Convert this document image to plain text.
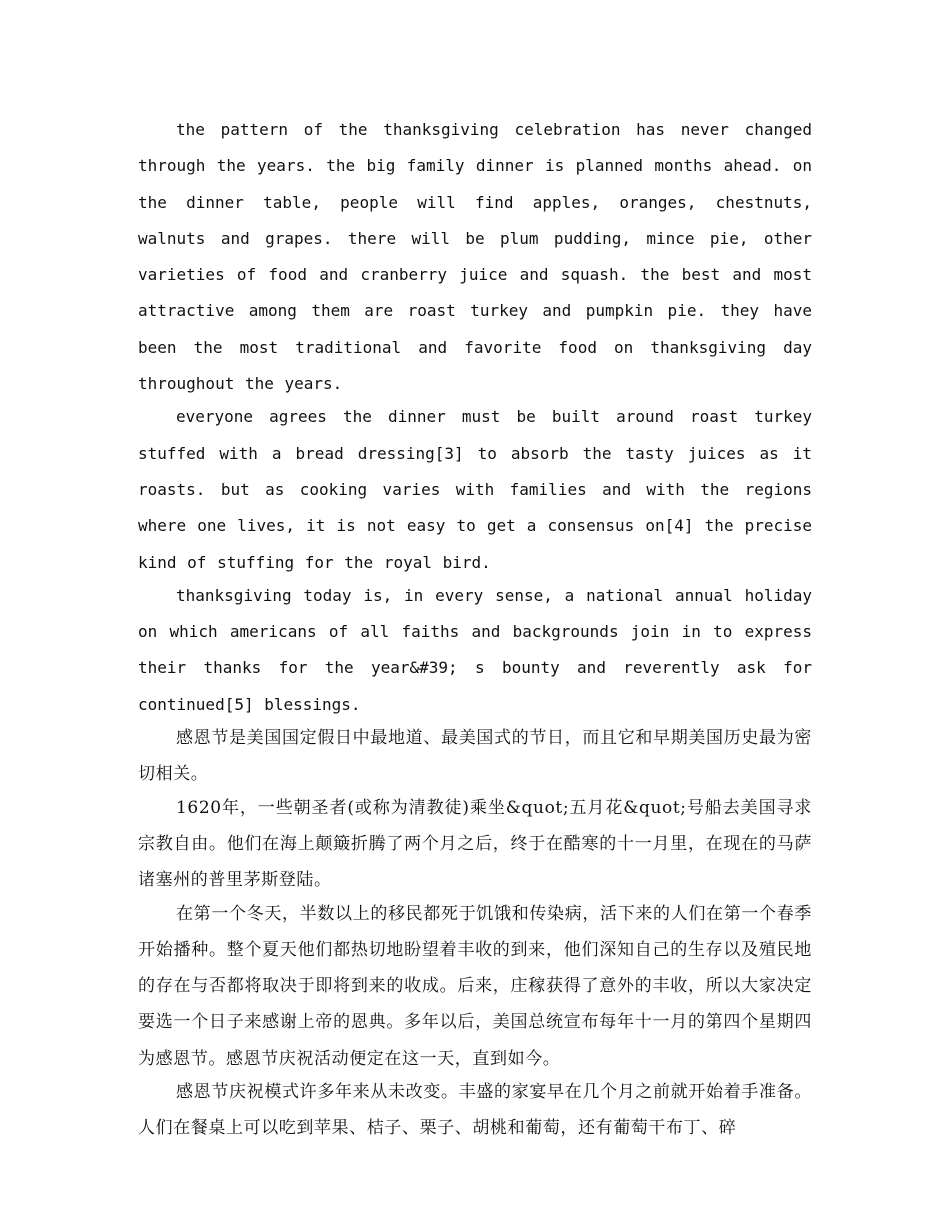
the pattern of the thanksgiving celebration has never changed through the years. the big family dinner is planned months ahead. on the dinner table, people will find apples, oranges, chestnuts, walnuts and grapes. there will be plum pudding, mince pie, other varieties of food and cranberry juice and squash. the best and most attractive among them are roast turkey and pumpkin pie. they have been the most traditional and favorite food on thanksgiving day throughout the years.

everyone agrees the dinner must be built around roast turkey stuffed with a bread dressing[3] to absorb the tasty juices as it roasts. but as cooking varies with families and with the regions where one lives, it is not easy to get a consensus on[4] the precise kind of stuffing for the royal bird.

thanksgiving today is, in every sense, a national annual holiday on which americans of all faiths and backgrounds join in to express their thanks for the year&#39; s bounty and reverently ask for continued[5] blessings.

感恩节是美国国定假日中最地道、最美国式的节日，而且它和早期美国历史最为密切相关。

1620年，一些朝圣者(或称为清教徒)乘坐&quot;五月花&quot;号船去美国寻求宗教自由。他们在海上颠簸折腾了两个月之后，终于在酷寒的十一月里，在现在的马萨诸塞州的普里茅斯登陆。

在第一个冬天，半数以上的移民都死于饥饿和传染病，活下来的人们在第一个春季开始播种。整个夏天他们都热切地盼望着丰收的到来，他们深知自己的生存以及殖民地的存在与否都将取决于即将到来的收成。后来，庄稼获得了意外的丰收，所以大家决定要选一个日子来感谢上帝的恩典。多年以后，美国总统宣布每年十一月的第四个星期四为感恩节。感恩节庆祝活动便定在这一天，直到如今。

感恩节庆祝模式许多年来从未改变。丰盛的家宴早在几个月之前就开始着手准备。人们在餐桌上可以吃到苹果、桔子、栗子、胡桃和葡萄，还有葡萄干布丁、碎
